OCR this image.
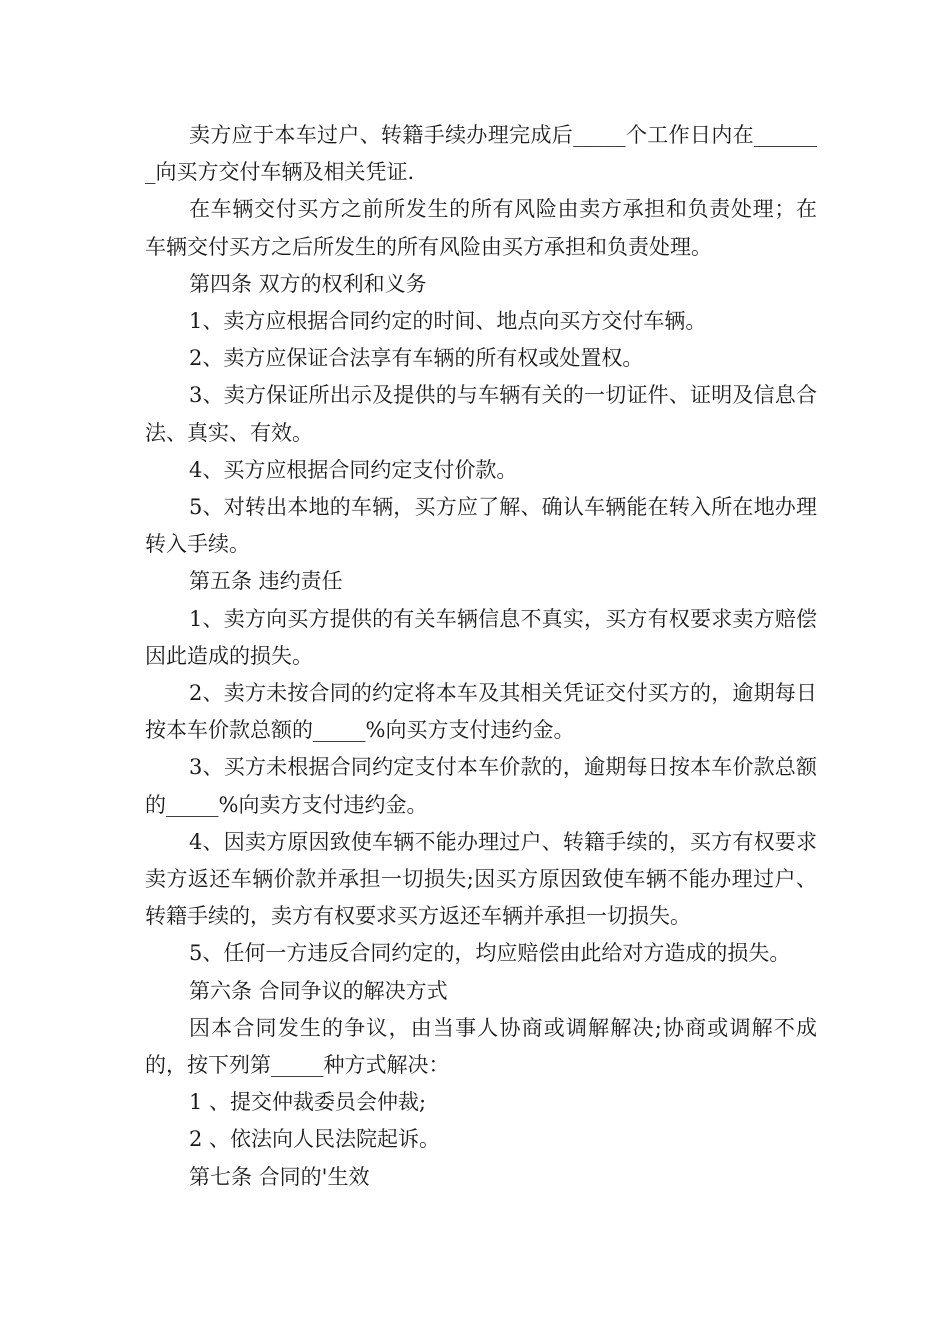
卖方应于本车过户、转籍手续办理完成后_____个工作日内在_______向买方交付车辆及相关凭证.

在车辆交付买方之前所发生的所有风险由卖方承担和负责处理；在车辆交付买方之后所发生的所有风险由买方承担和负责处理。

第四条 双方的权利和义务

1、卖方应根据合同约定的时间、地点向买方交付车辆。

2、卖方应保证合法享有车辆的所有权或处置权。

3、卖方保证所出示及提供的与车辆有关的一切证件、证明及信息合法、真实、有效。

4、买方应根据合同约定支付价款。

5、对转出本地的车辆，买方应了解、确认车辆能在转入所在地办理转入手续。

第五条 违约责任

1、卖方向买方提供的有关车辆信息不真实，买方有权要求卖方赔偿因此造成的损失。

2、卖方未按合同的约定将本车及其相关凭证交付买方的，逾期每日按本车价款总额的_____%向买方支付违约金。

3、买方未根据合同约定支付本车价款的，逾期每日按本车价款总额的_____%向卖方支付违约金。

4、因卖方原因致使车辆不能办理过户、转籍手续的，买方有权要求卖方返还车辆价款并承担一切损失;因买方原因致使车辆不能办理过户、转籍手续的，卖方有权要求买方返还车辆并承担一切损失。

5、任何一方违反合同约定的，均应赔偿由此给对方造成的损失。

第六条 合同争议的解决方式

因本合同发生的争议，由当事人协商或调解解决;协商或调解不成的，按下列第_____种方式解决：

1 、提交仲裁委员会仲裁;

2 、依法向人民法院起诉。

第七条 合同的'生效
